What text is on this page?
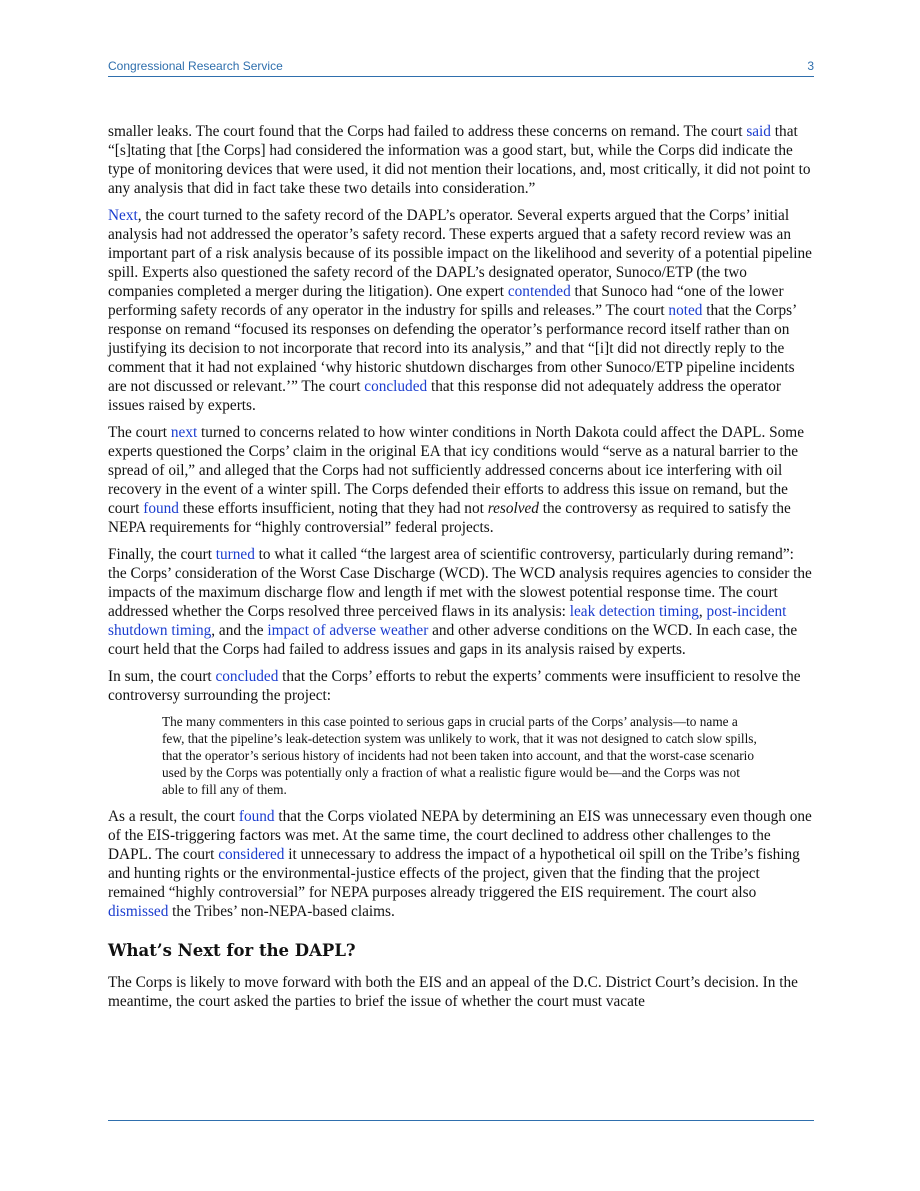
Congressional Research Service	3

smaller leaks. The court found that the Corps had failed to address these concerns on remand. The court said that “[s]tating that [the Corps] had considered the information was a good start, but, while the Corps did indicate the type of monitoring devices that were used, it did not mention their locations, and, most critically, it did not point to any analysis that did in fact take these two details into consideration.”

Next, the court turned to the safety record of the DAPL’s operator. Several experts argued that the Corps’ initial analysis had not addressed the operator’s safety record. These experts argued that a safety record review was an important part of a risk analysis because of its possible impact on the likelihood and severity of a potential pipeline spill. Experts also questioned the safety record of the DAPL’s designated operator, Sunoco/ETP (the two companies completed a merger during the litigation). One expert contended that Sunoco had “one of the lower performing safety records of any operator in the industry for spills and releases.” The court noted that the Corps’ response on remand “focused its responses on defending the operator’s performance record itself rather than on justifying its decision to not incorporate that record into its analysis,” and that “[i]t did not directly reply to the comment that it had not explained ‘why historic shutdown discharges from other Sunoco/ETP pipeline incidents are not discussed or relevant.’” The court concluded that this response did not adequately address the operator issues raised by experts.

The court next turned to concerns related to how winter conditions in North Dakota could affect the DAPL. Some experts questioned the Corps’ claim in the original EA that icy conditions would “serve as a natural barrier to the spread of oil,” and alleged that the Corps had not sufficiently addressed concerns about ice interfering with oil recovery in the event of a winter spill. The Corps defended their efforts to address this issue on remand, but the court found these efforts insufficient, noting that they had not resolved the controversy as required to satisfy the NEPA requirements for “highly controversial” federal projects.

Finally, the court turned to what it called “the largest area of scientific controversy, particularly during remand”: the Corps’ consideration of the Worst Case Discharge (WCD). The WCD analysis requires agencies to consider the impacts of the maximum discharge flow and length if met with the slowest potential response time. The court addressed whether the Corps resolved three perceived flaws in its analysis: leak detection timing, post-incident shutdown timing, and the impact of adverse weather and other adverse conditions on the WCD. In each case, the court held that the Corps had failed to address issues and gaps in its analysis raised by experts.

In sum, the court concluded that the Corps’ efforts to rebut the experts’ comments were insufficient to resolve the controversy surrounding the project:

The many commenters in this case pointed to serious gaps in crucial parts of the Corps’ analysis—to name a few, that the pipeline’s leak-detection system was unlikely to work, that it was not designed to catch slow spills, that the operator’s serious history of incidents had not been taken into account, and that the worst-case scenario used by the Corps was potentially only a fraction of what a realistic figure would be—and the Corps was not able to fill any of them.

As a result, the court found that the Corps violated NEPA by determining an EIS was unnecessary even though one of the EIS-triggering factors was met. At the same time, the court declined to address other challenges to the DAPL. The court considered it unnecessary to address the impact of a hypothetical oil spill on the Tribe’s fishing and hunting rights or the environmental-justice effects of the project, given that the finding that the project remained “highly controversial” for NEPA purposes already triggered the EIS requirement. The court also dismissed the Tribes’ non-NEPA-based claims.

What’s Next for the DAPL?

The Corps is likely to move forward with both the EIS and an appeal of the D.C. District Court’s decision. In the meantime, the court asked the parties to brief the issue of whether the court must vacate
